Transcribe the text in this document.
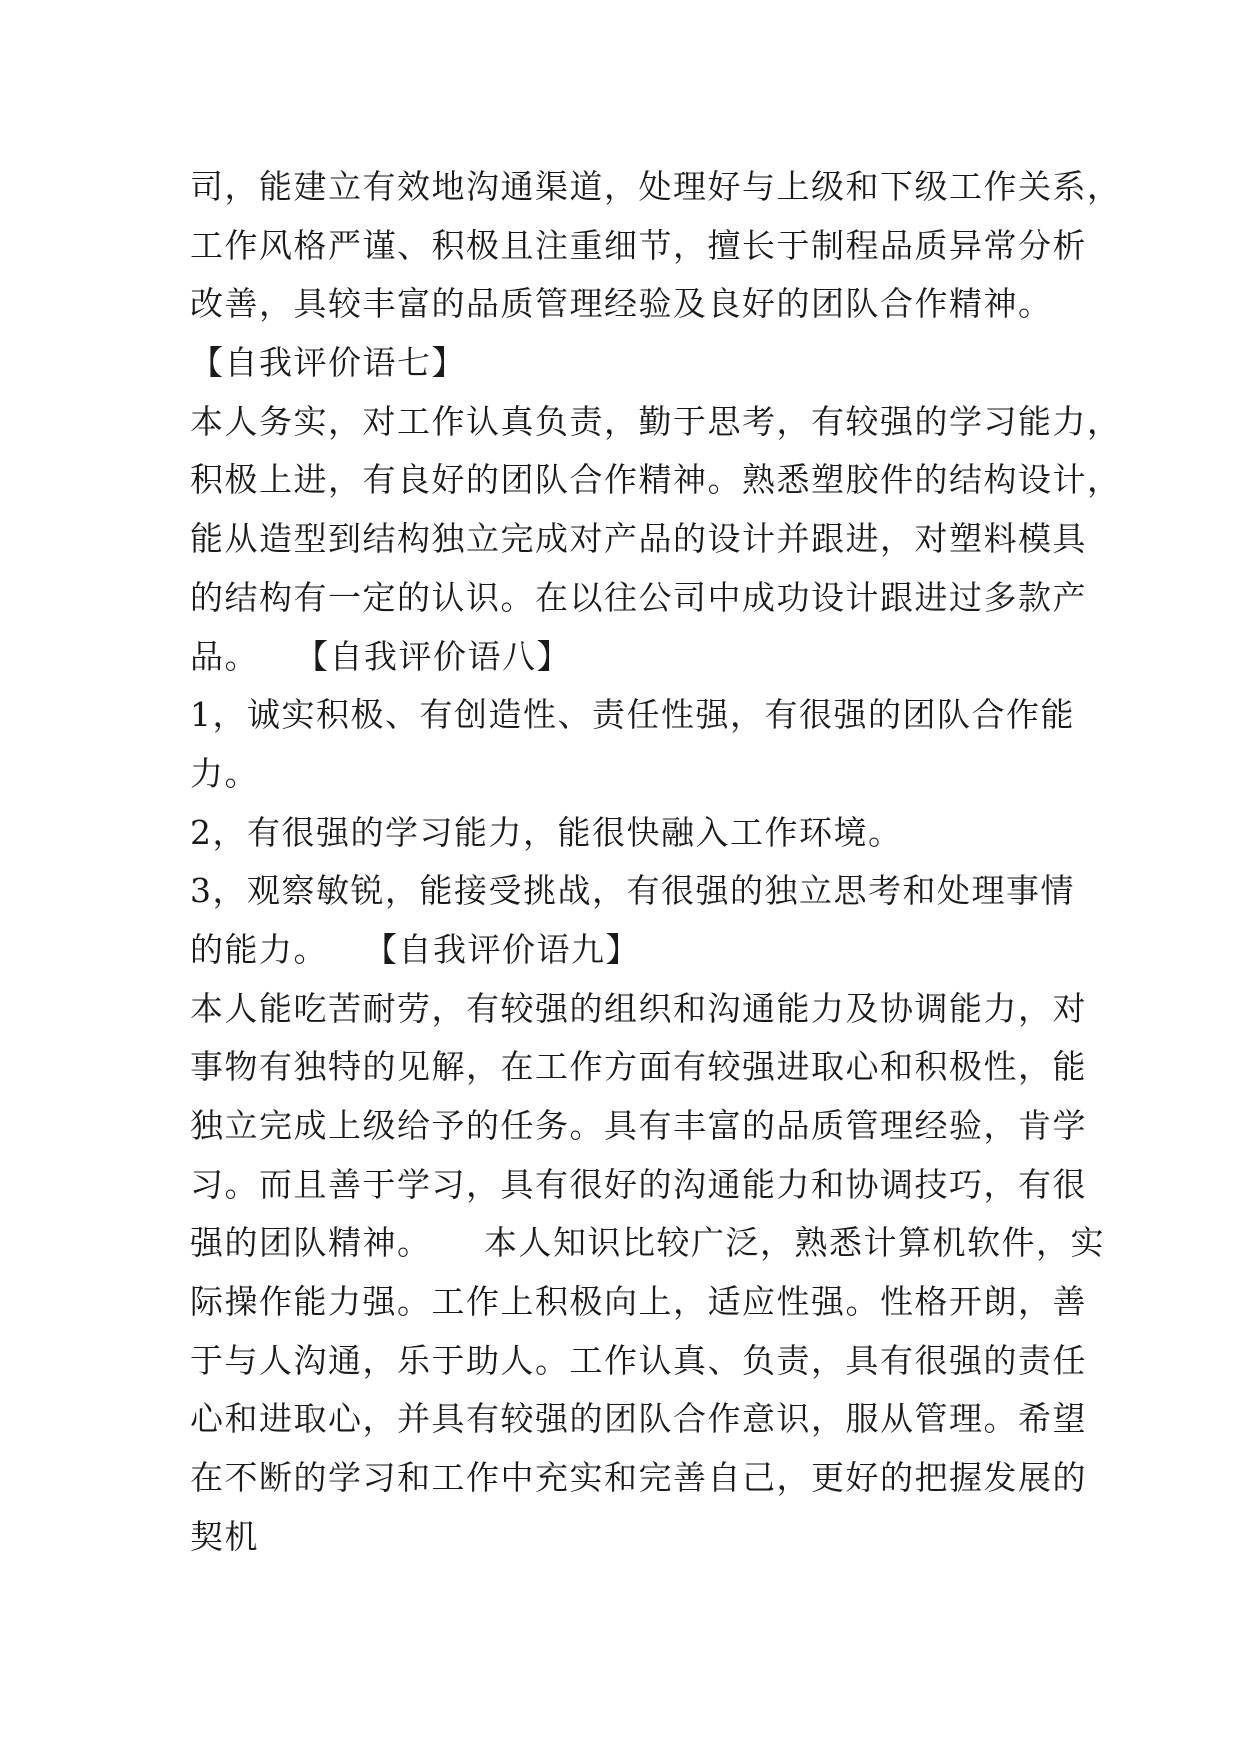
司，能建立有效地沟通渠道，处理好与上级和下级工作关系，
工作风格严谨、积极且注重细节，擅长于制程品质异常分析
改善，具较丰富的品质管理经验及良好的团队合作精神。
【自我评价语七】
本人务实，对工作认真负责，勤于思考，有较强的学习能力，
积极上进，有良好的团队合作精神。熟悉塑胶件的结构设计，
能从造型到结构独立完成对产品的设计并跟进，对塑料模具
的结构有一定的认识。在以往公司中成功设计跟进过多款产
品。　　【自我评价语八】
1，诚实积极、有创造性、责任性强，有很强的团队合作能
力。
2，有很强的学习能力，能很快融入工作环境。
3，观察敏锐，能接受挑战，有很强的独立思考和处理事情
的能力。　　【自我评价语九】
本人能吃苦耐劳，有较强的组织和沟通能力及协调能力，对
事物有独特的见解，在工作方面有较强进取心和积极性，能
独立完成上级给予的任务。具有丰富的品质管理经验，肯学
习。而且善于学习，具有很好的沟通能力和协调技巧，有很
强的团队精神。　　本人知识比较广泛，熟悉计算机软件，实
际操作能力强。工作上积极向上，适应性强。性格开朗，善
于与人沟通，乐于助人。工作认真、负责，具有很强的责任
心和进取心，并具有较强的团队合作意识，服从管理。希望
在不断的学习和工作中充实和完善自己，更好的把握发展的
契机
